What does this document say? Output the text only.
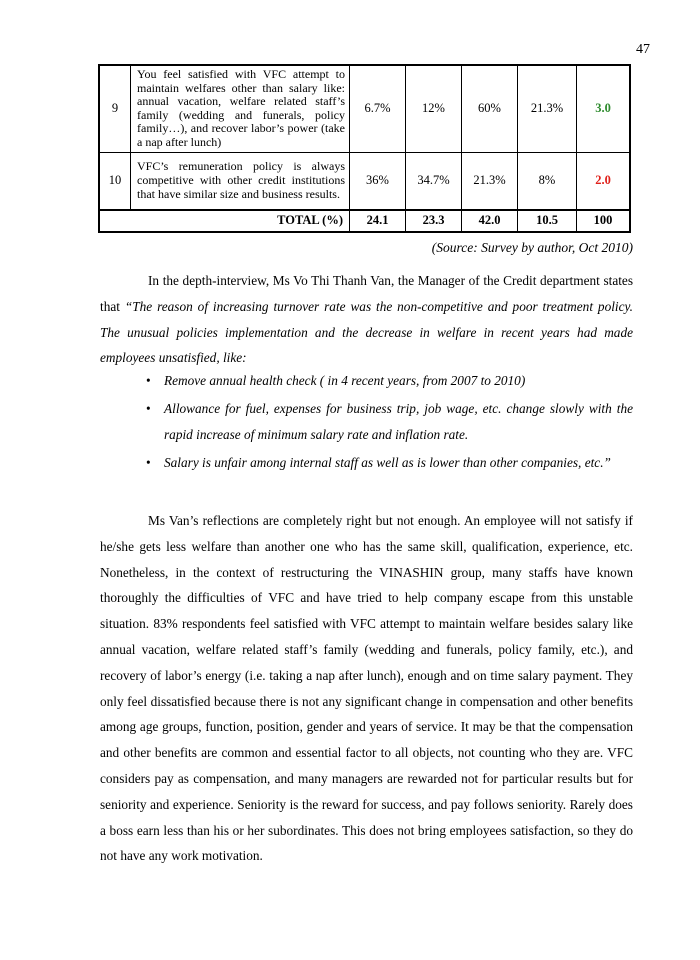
47
9	You feel satisfied with VFC attempt to maintain welfares other than salary like: annual vacation, welfare related staff’s family (wedding and funerals, policy family…), and recover labor’s power (take a nap after lunch)	6.7%	12%	60%	21.3%	3.0
10	VFC’s remuneration policy is always competitive with other credit institutions that have similar size and business results.	36%	34.7%	21.3%	8%	2.0
TOTAL (%)		24.1	23.3	42.0	10.5	100
(Source: Survey by author, Oct 2010)

In the depth-interview, Ms Vo Thi Thanh Van, the Manager of the Credit department states that “The reason of increasing turnover rate was the non-competitive and poor treatment policy. The unusual policies implementation and the decrease in welfare in recent years had made employees unsatisfied, like:

• Remove annual health check ( in 4 recent years, from 2007 to 2010)
• Allowance for fuel, expenses for business trip, job wage, etc. change slowly with the rapid increase of minimum salary rate and inflation rate.
• Salary is unfair among internal staff as well as is lower than other companies, etc.”

Ms Van’s reflections are completely right but not enough. An employee will not satisfy if he/she gets less welfare than another one who has the same skill, qualification, experience, etc. Nonetheless, in the context of restructuring the VINASHIN group, many staffs have known thoroughly the difficulties of VFC and have tried to help company escape from this unstable situation. 83% respondents feel satisfied with VFC attempt to maintain welfare besides salary like annual vacation, welfare related staff’s family (wedding and funerals, policy family, etc.), and recovery of labor’s energy (i.e. taking a nap after lunch), enough and on time salary payment. They only feel dissatisfied because there is not any significant change in compensation and other benefits among age groups, function, position, gender and years of service. It may be that the compensation and other benefits are common and essential factor to all objects, not counting who they are. VFC considers pay as compensation, and many managers are rewarded not for particular results but for seniority and experience. Seniority is the reward for success, and pay follows seniority. Rarely does a boss earn less than his or her subordinates. This does not bring employees satisfaction, so they do not have any work motivation.
